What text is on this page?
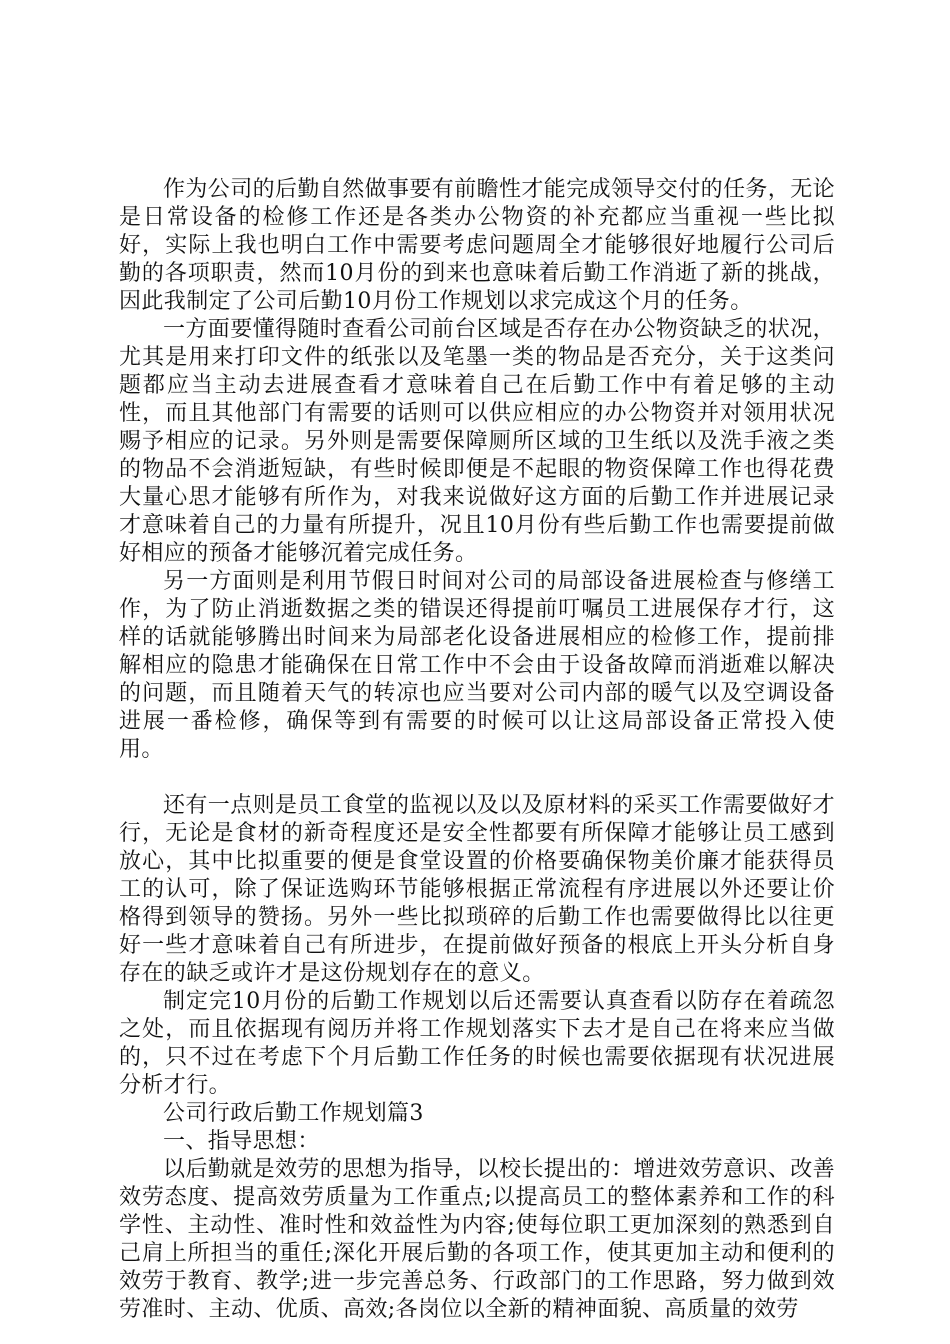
作为公司的后勤自然做事要有前瞻性才能完成领导交付的任务，无论是日常设备的检修工作还是各类办公物资的补充都应当重视一些比拟好，实际上我也明白工作中需要考虑问题周全才能够很好地履行公司后勤的各项职责，然而10月份的到来也意味着后勤工作消逝了新的挑战，因此我制定了公司后勤10月份工作规划以求完成这个月的任务。

一方面要懂得随时查看公司前台区域是否存在办公物资缺乏的状况，尤其是用来打印文件的纸张以及笔墨一类的物品是否充分，关于这类问题都应当主动去进展查看才意味着自己在后勤工作中有着足够的主动性，而且其他部门有需要的话则可以供应相应的办公物资并对领用状况赐予相应的记录。另外则是需要保障厕所区域的卫生纸以及洗手液之类的物品不会消逝短缺，有些时候即便是不起眼的物资保障工作也得花费大量心思才能够有所作为，对我来说做好这方面的后勤工作并进展记录才意味着自己的力量有所提升，况且10月份有些后勤工作也需要提前做好相应的预备才能够沉着完成任务。

另一方面则是利用节假日时间对公司的局部设备进展检查与修缮工作，为了防止消逝数据之类的错误还得提前叮嘱员工进展保存才行，这样的话就能够腾出时间来为局部老化设备进展相应的检修工作，提前排解相应的隐患才能确保在日常工作中不会由于设备故障而消逝难以解决的问题，而且随着天气的转凉也应当要对公司内部的暖气以及空调设备进展一番检修，确保等到有需要的时候可以让这局部设备正常投入使用。

还有一点则是员工食堂的监视以及以及原材料的采买工作需要做好才行，无论是食材的新奇程度还是安全性都要有所保障才能够让员工感到放心，其中比拟重要的便是食堂设置的价格要确保物美价廉才能获得员工的认可，除了保证选购环节能够根据正常流程有序进展以外还要让价格得到领导的赞扬。另外一些比拟琐碎的后勤工作也需要做得比以往更好一些才意味着自己有所进步，在提前做好预备的根底上开头分析自身存在的缺乏或许才是这份规划存在的意义。

制定完10月份的后勤工作规划以后还需要认真查看以防存在着疏忽之处，而且依据现有阅历并将工作规划落实下去才是自己在将来应当做的，只不过在考虑下个月后勤工作任务的时候也需要依据现有状况进展分析才行。

公司行政后勤工作规划篇3

一、指导思想：

以后勤就是效劳的思想为指导，以校长提出的：增进效劳意识、改善效劳态度、提高效劳质量为工作重点;以提高员工的整体素养和工作的科学性、主动性、准时性和效益性为内容;使每位职工更加深刻的熟悉到自己肩上所担当的重任;深化开展后勤的各项工作，使其更加主动和便利的效劳于教育、教学;进一步完善总务、行政部门的工作思路，努力做到效劳准时、主动、优质、高效;各岗位以全新的精神面貌、高质量的效劳
